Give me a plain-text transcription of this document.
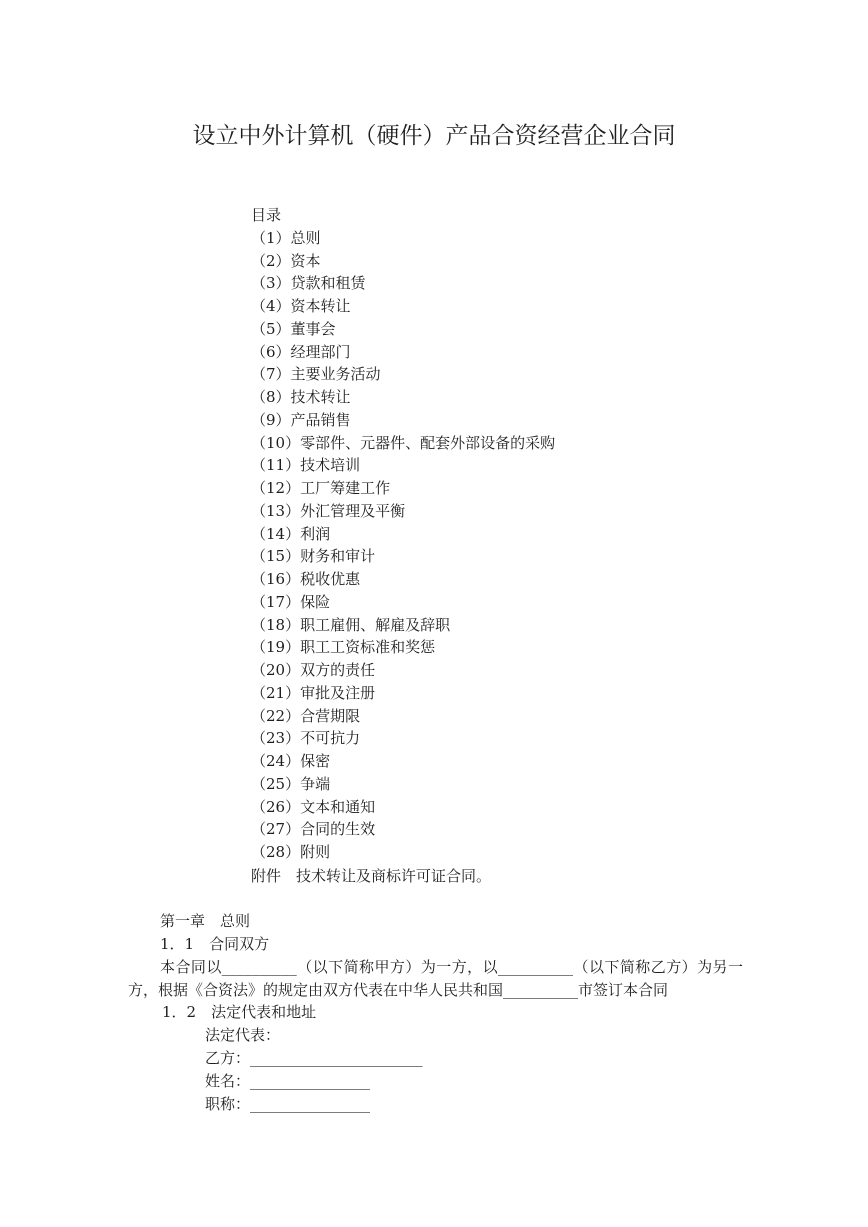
设立中外计算机（硬件）产品合资经营企业合同
目录
（1）总则
（2）资本
（3）贷款和租赁
（4）资本转让
（5）董事会
（6）经理部门
（7）主要业务活动
（8）技术转让
（9）产品销售
（10）零部件、元器件、配套外部设备的采购
（11）技术培训
（12）工厂筹建工作
（13）外汇管理及平衡
（14）利润
（15）财务和审计
（16）税收优惠
（17）保险
（18）职工雇佣、解雇及辞职
（19）职工工资标准和奖惩
（20）双方的责任
（21）审批及注册
（22）合营期限
（23）不可抗力
（24）保密
（25）争端
（26）文本和通知
（27）合同的生效
（28）附则
附件　技术转让及商标许可证合同。
第一章　总则
1．1　合同双方
本合同以__________（以下简称甲方）为一方，以__________（以下简称乙方）为另一
方，根据《合资法》的规定由双方代表在中华人民共和国__________市签订本合同
1．2　法定代表和地址
法定代表：
乙方：_______________________
姓名：________________
职称：________________
